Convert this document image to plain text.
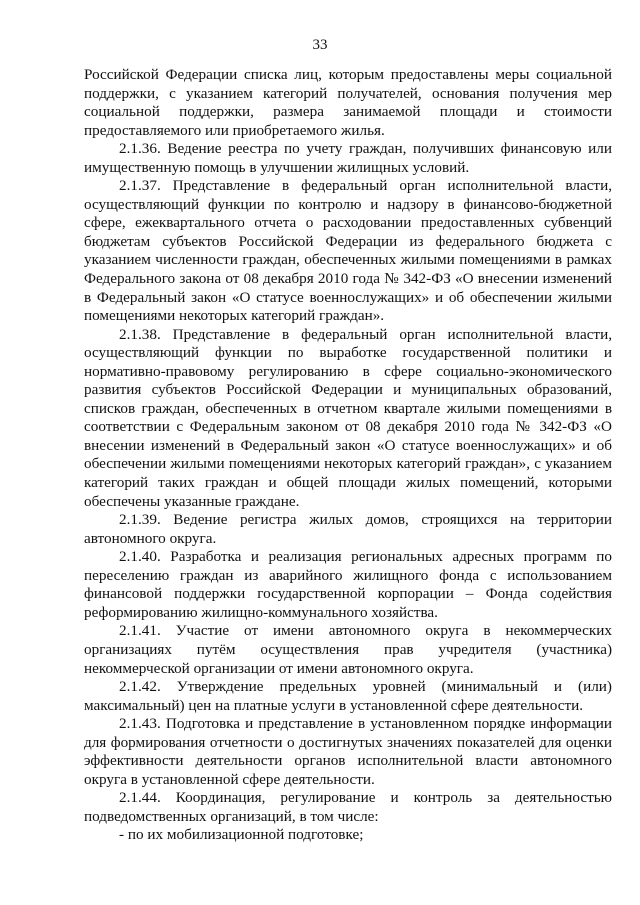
33

Российской Федерации списка лиц, которым предоставлены меры социальной поддержки, с указанием категорий получателей, основания получения мер социальной поддержки, размера занимаемой площади и стоимости предоставляемого или приобретаемого жилья.

2.1.36. Ведение реестра по учету граждан, получивших финансовую или имущественную помощь в улучшении жилищных условий.

2.1.37. Представление в федеральный орган исполнительной власти, осуществляющий функции по контролю и надзору в финансово-бюджетной сфере, ежеквартального отчета о расходовании предоставленных субвенций бюджетам субъектов Российской Федерации из федерального бюджета с указанием численности граждан, обеспеченных жилыми помещениями в рамках Федерального закона от 08 декабря 2010 года № 342-ФЗ «О внесении изменений в Федеральный закон «О статусе военнослужащих» и об обеспечении жилыми помещениями некоторых категорий граждан».

2.1.38. Представление в федеральный орган исполнительной власти, осуществляющий функции по выработке государственной политики и нормативно-правовому регулированию в сфере социально-экономического развития субъектов Российской Федерации и муниципальных образований, списков граждан, обеспеченных в отчетном квартале жилыми помещениями в соответствии с Федеральным законом от 08 декабря 2010 года № 342-ФЗ «О внесении изменений в Федеральный закон «О статусе военнослужащих» и об обеспечении жилыми помещениями некоторых категорий граждан», с указанием категорий таких граждан и общей площади жилых помещений, которыми обеспечены указанные граждане.

2.1.39. Ведение регистра жилых домов, строящихся на территории автономного округа.

2.1.40. Разработка и реализация региональных адресных программ по переселению граждан из аварийного жилищного фонда с использованием финансовой поддержки государственной корпорации – Фонда содействия реформированию жилищно-коммунального хозяйства.

2.1.41. Участие от имени автономного округа в некоммерческих организациях путём осуществления прав учредителя (участника) некоммерческой организации от имени автономного округа.

2.1.42. Утверждение предельных уровней (минимальный и (или) максимальный) цен на платные услуги в установленной сфере деятельности.

2.1.43. Подготовка и представление в установленном порядке информации для формирования отчетности о достигнутых значениях показателей для оценки эффективности деятельности органов исполнительной власти автономного округа в установленной сфере деятельности.

2.1.44. Координация, регулирование и контроль за деятельностью подведомственных организаций, в том числе:

- по их мобилизационной подготовке;
